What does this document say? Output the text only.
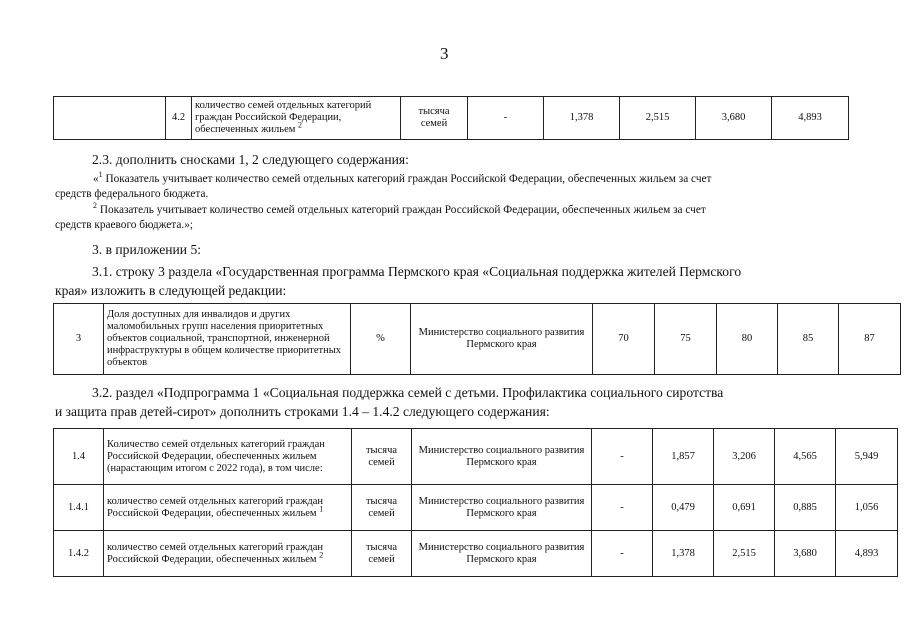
3
	4.2	количество семей отдельных категорий граждан Российской Федерации, обеспеченных жильем $^2$	тысяча семей	-	1,378	2,515	3,680	4,893
2.3. дополнить сносками 1, 2 следующего содержания:
«$^1$ Показатель учитывает количество семей отдельных категорий граждан Российской Федерации, обеспеченных жильем за счет
средств федерального бюджета.
$^2$ Показатель учитывает количество семей отдельных категорий граждан Российской Федерации, обеспеченных жильем за счет
средств краевого бюджета.»;
3. в приложении 5:
3.1. строку 3 раздела «Государственная программа Пермского края «Социальная поддержка жителей Пермского
края» изложить в следующей редакции:
3	Доля доступных для инвалидов и других маломобильных групп населения приоритетных объектов социальной, транспортной, инженерной инфраструктуры в общем количестве приоритетных объектов	%	Министерство социального развития Пермского края	70	75	80	85	87
3.2. раздел «Подпрограмма 1 «Социальная поддержка семей с детьми. Профилактика социального сиротства
и защита прав детей-сирот» дополнить строками 1.4 – 1.4.2 следующего содержания:
1.4	Количество семей отдельных категорий граждан Российской Федерации, обеспеченных жильем (нарастающим итогом с 2022 года), в том числе:	тысяча семей	Министерство социального развития Пермского края	-	1,857	3,206	4,565	5,949
1.4.1	количество семей отдельных категорий граждан Российской Федерации, обеспеченных жильем $^1$	тысяча семей	Министерство социального развития Пермского края	-	0,479	0,691	0,885	1,056
1.4.2	количество семей отдельных категорий граждан Российской Федерации, обеспеченных жильем $^2$	тысяча семей	Министерство социального развития Пермского края	-	1,378	2,515	3,680	4,893
